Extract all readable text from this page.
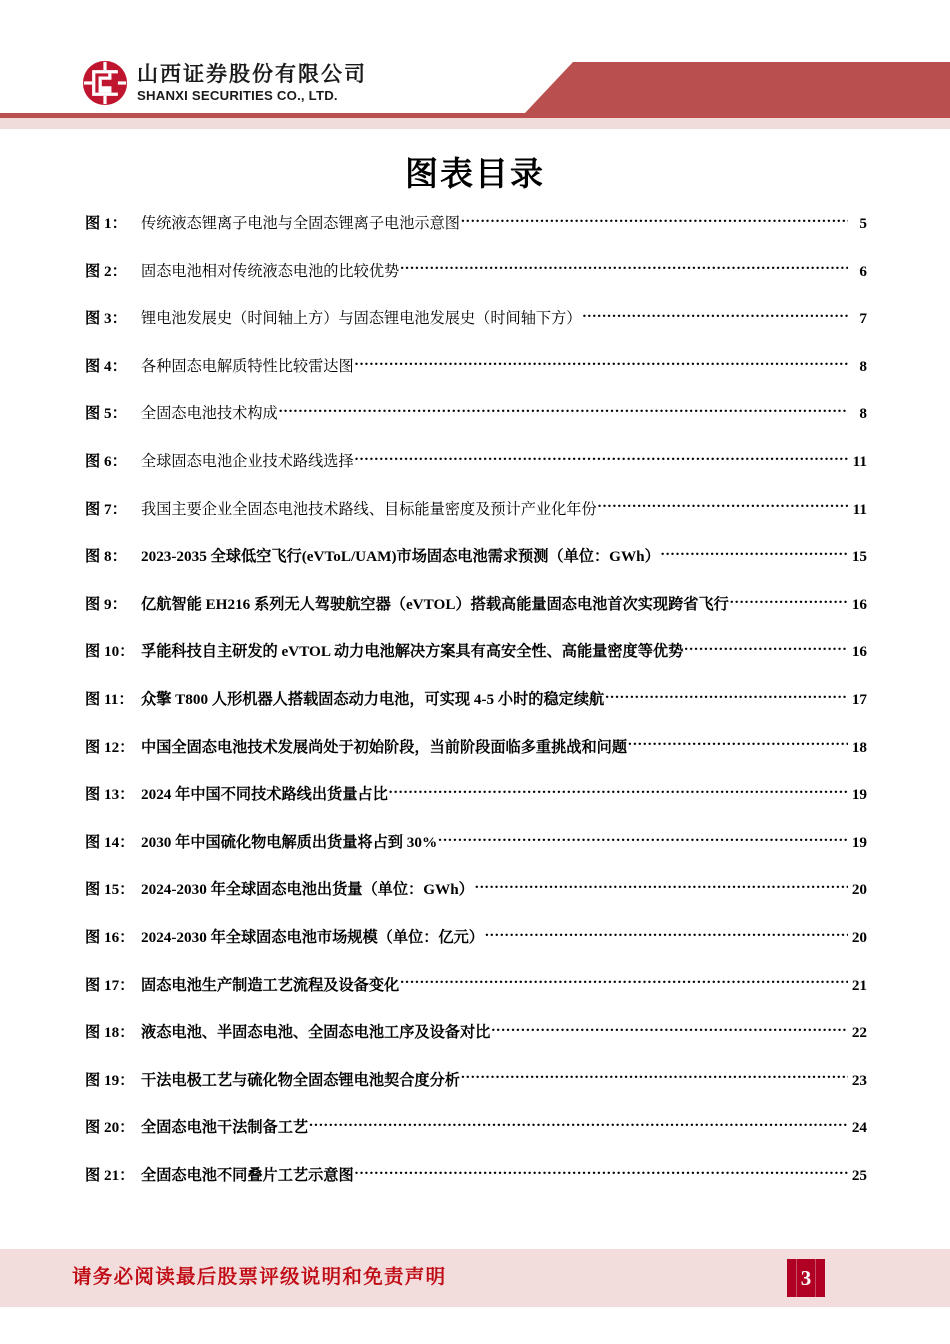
山西证券股份有限公司
SHANXI SECURITIES CO., LTD.
行业研究/行业专题报告
图表目录
图 1： 传统液态锂离子电池与全固态锂离子电池示意图 .....	5
图 2： 固态电池相对传统液态电池的比较优势 .....	6
图 3： 锂电池发展史（时间轴上方）与固态锂电池发展史（时间轴下方） .....	7
图 4： 各种固态电解质特性比较雷达图 .....	8
图 5： 全固态电池技术构成 .....	8
图 6： 全球固态电池企业技术路线选择 .....	11
图 7： 我国主要企业全固态电池技术路线、目标能量密度及预计产业化年份 .....	11
图 8： 2023-2035 全球低空飞行(eVToL/UAM)市场固态电池需求预测（单位：GWh） .....	15
图 9： 亿航智能 EH216 系列无人驾驶航空器（eVTOL）搭载高能量固态电池首次实现跨省飞行 .....	16
图 10： 孚能科技自主研发的 eVTOL 动力电池解决方案具有高安全性、高能量密度等优势 .....	16
图 11： 众擎 T800 人形机器人搭载固态动力电池，可实现 4-5 小时的稳定续航 .....	17
图 12： 中国全固态电池技术发展尚处于初始阶段，当前阶段面临多重挑战和问题 .....	18
图 13： 2024 年中国不同技术路线出货量占比 .....	19
图 14： 2030 年中国硫化物电解质出货量将占到 30% .....	19
图 15： 2024-2030 年全球固态电池出货量（单位：GWh） .....	20
图 16： 2024-2030 年全球固态电池市场规模（单位：亿元） .....	20
图 17： 固态电池生产制造工艺流程及设备变化 .....	21
图 18： 液态电池、半固态电池、全固态电池工序及设备对比 .....	22
图 19： 干法电极工艺与硫化物全固态锂电池契合度分析 .....	23
图 20： 全固态电池干法制备工艺 .....	24
图 21： 全固态电池不同叠片工艺示意图 .....	25
请务必阅读最后股票评级说明和免责声明	3
